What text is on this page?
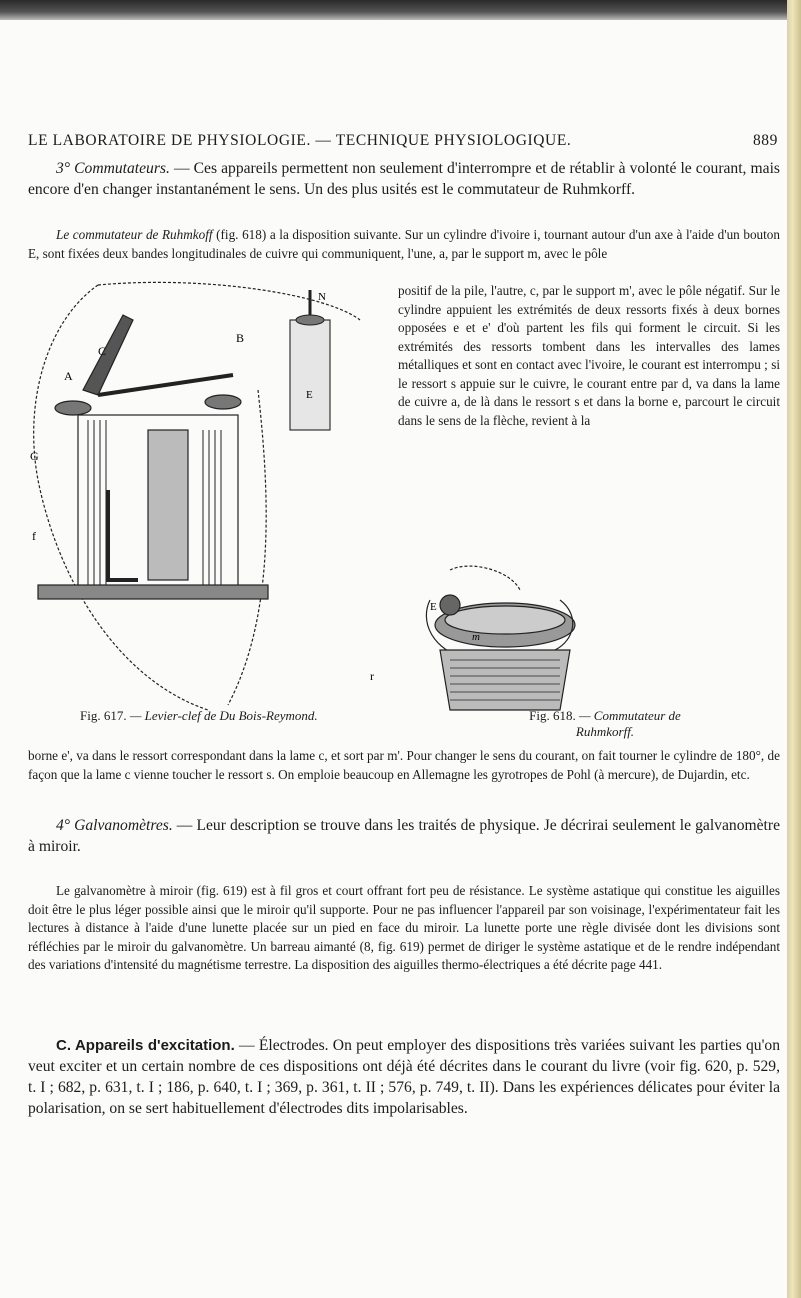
LE LABORATOIRE DE PHYSIOLOGIE. — TECHNIQUE PHYSIOLOGIQUE.	889

3° Commutateurs. — Ces appareils permettent non seulement d'interrompre et de rétablir à volonté le courant, mais encore d'en changer instantanément le sens. Un des plus usités est le commutateur de Ruhmkorff.

Le commutateur de Ruhmkoff (fig. 618) a la disposition suivante. Sur un cylindre d'ivoire i, tournant autour d'un axe à l'aide d'un bouton E, sont fixées deux bandes longitudinales de cuivre qui communiquent, l'une, a, par le support m, avec le pôle

positif de la pile, l'autre, c, par le support m', avec le pôle négatif. Sur le cylindre appuient les extrémités de deux ressorts fixés à deux bornes opposées e et e' d'où partent les fils qui forment le circuit. Si les extrémités des ressorts tombent dans les intervalles des lames métalliques et sont en contact avec l'ivoire, le courant est interrompu ; si le ressort s appuie sur le cuivre, le courant entre par d, va dans la lame de cuivre a, de là dans le ressort s et dans la borne e, parcourt le circuit dans le sens de la flèche, revient à la

C
B
A
G
f
r
E
m
N
E
Fig. 617. — Levier-clef de Du Bois-Reymond.	Fig. 618. — Commutateur de
Ruhmkorff.

borne e', va dans le ressort correspondant dans la lame c, et sort par m'. Pour changer le sens du courant, on fait tourner le cylindre de 180°, de façon que la lame c vienne toucher le ressort s. On emploie beaucoup en Allemagne les gyrotropes de Pohl (à mercure), de Dujardin, etc.

4° Galvanomètres. — Leur description se trouve dans les traités de physique. Je décrirai seulement le galvanomètre à miroir.

Le galvanomètre à miroir (fig. 619) est à fil gros et court offrant fort peu de résistance. Le système astatique qui constitue les aiguilles doit être le plus léger possible ainsi que le miroir qu'il supporte. Pour ne pas influencer l'appareil par son voisinage, l'expérimentateur fait les lectures à distance à l'aide d'une lunette placée sur un pied en face du miroir. La lunette porte une règle divisée dont les divisions sont réfléchies par le miroir du galvanomètre. Un barreau aimanté (8, fig. 619) permet de diriger le système astatique et de le rendre indépendant des variations d'intensité du magnétisme terrestre. La disposition des aiguilles thermo-électriques a été décrite page 441.

C. Appareils d'excitation. — Électrodes. On peut employer des dispositions très variées suivant les parties qu'on veut exciter et un certain nombre de ces dispositions ont déjà été décrites dans le courant du livre (voir fig. 620, p. 529, t. I ; 682, p. 631, t. I ; 186, p. 640, t. I ; 369, p. 361, t. II ; 576, p. 749, t. II). Dans les expériences délicates pour éviter la polarisation, on se sert habituellement d'électrodes dits impolarisables.
